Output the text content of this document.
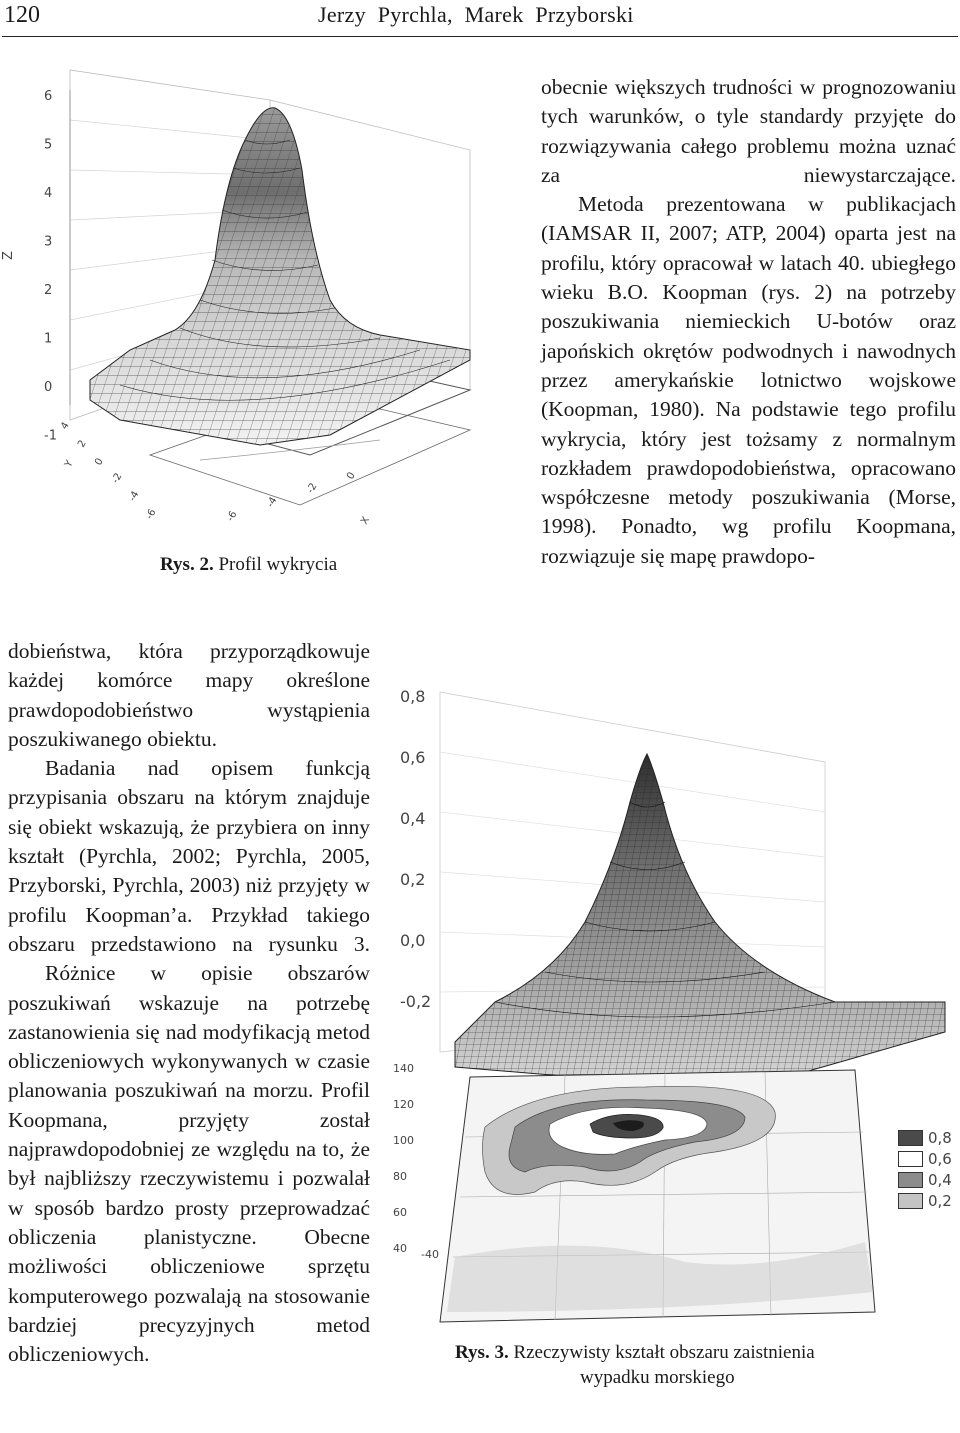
120	Jerzy Pyrchla, Marek Przyborski
Z
6
5
4
3
2
1
0
-1
4
2
0
-2
-4
-6
Y
-6
-4
-2
0
X
Rys. 2. Profil wykrycia

obecnie większych trudności w prognozowaniu tych warunków, o tyle standardy przyjęte do rozwiązywania całego problemu można uznać za niewystarczające.

Metoda prezentowana w publikacjach (IAMSAR II, 2007; ATP, 2004) oparta jest na profilu, który opracował w latach 40. ubiegłego wieku B.O. Koopman (rys. 2) na potrzeby poszukiwania niemieckich U-botów oraz japońskich okrętów podwodnych i nawodnych przez amerykańskie lotnictwo wojskowe (Koopman, 1980). Na podstawie tego profilu wykrycia, który jest tożsamy z normalnym rozkładem prawdopodobieństwa, opracowano współczesne metody poszukiwania (Morse, 1998). Ponadto, wg profilu Koopmana, rozwiązuje się mapę prawdopo-

dobieństwa, która przyporządkowuje każdej komórce mapy określone prawdopodobieństwo wystąpienia poszukiwanego obiektu.

Badania nad opisem funkcją przypisania obszaru na którym znajduje się obiekt wskazują, że przybiera on inny kształt (Pyrchla, 2002; Pyrchla, 2005, Przyborski, Pyrchla, 2003) niż przyjęty w profilu Koopman’a. Przykład takiego obszaru przedstawiono na rysunku 3.

Różnice w opisie obszarów poszukiwań wskazuje na potrzebę zastanowienia się nad modyfikacją metod obliczeniowych wykonywanych w czasie planowania poszukiwań na morzu. Profil Koopmana, przyjęty został najprawdopodobniej ze względu na to, że był najbliższy rzeczywistemu i pozwalał w sposób bardzo prosty przeprowadzać obliczenia planistyczne. Obecne możliwości obliczeniowe sprzętu komputerowego pozwalają na stosowanie bardziej precyzyjnych metod obliczeniowych.

0,8
0,6
0,4
0,2
0,0
-0,2
140
120
100
80
60
40 -40
0,8
0,6
0,4
0,2
Rys. 3. Rzeczywisty kształt obszaru zaistnienia
wypadku morskiego
